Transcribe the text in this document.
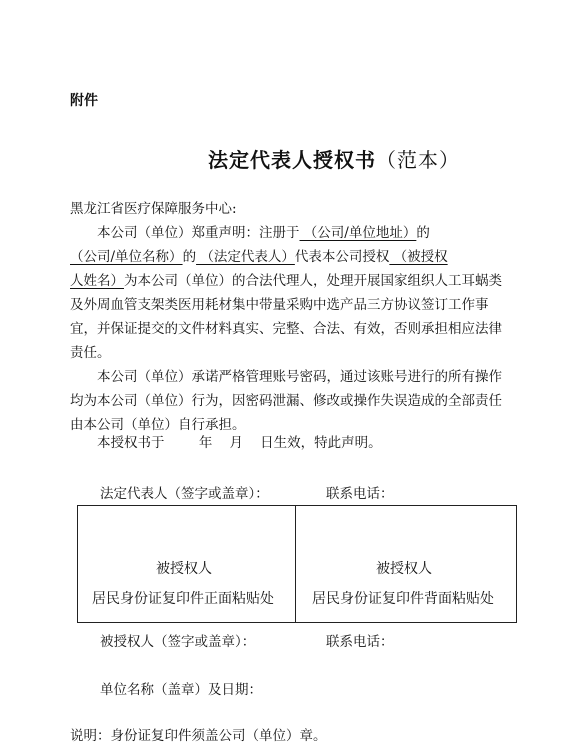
附件
法定代表人授权书（范本）
黑龙江省医疗保障服务中心:
本公司（单位）郑重声明：注册于 （公司/单位地址）的
（公司/单位名称）的 （法定代表人）代表本公司授权 （被授权
人姓名）为本公司（单位）的合法代理人，处理开展国家组织人工耳蜗类
及外周血管支架类医用耗材集中带量采购中选产品三方协议签订工作事
宜，并保证提交的文件材料真实、完整、合法、有效，否则承担相应法律
责任。
本公司（单位）承诺严格管理账号密码，通过该账号进行的所有操作
均为本公司（单位）行为，因密码泄漏、修改或操作失误造成的全部责任
由本公司（单位）自行承担。
本授权书于        年    月    日生效，特此声明。
法定代表人（签字或盖章）：	联系电话：
被授权人
居民身份证复印件正面粘贴处
被授权人
居民身份证复印件背面粘贴处
被授权人（签字或盖章）：	联系电话：
单位名称（盖章）及日期：
说明：身份证复印件须盖公司（单位）章。
